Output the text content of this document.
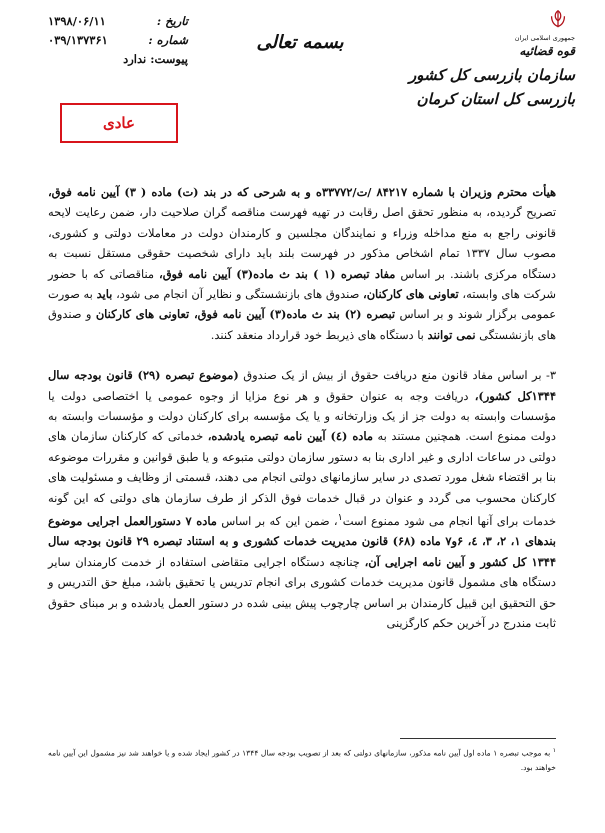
تاریخ :
۱۳۹۸/۰۶/۱۱
شماره :
۰۳۹/۱۳۷۳۶۱
پیوست: ندارد
عادی
بسمه تعالی	جمهوری اسلامی ایران
قوه قضائیه
سازمان بازرسی کل کشور
بازرسی کل استان کرمان

هیأت محترم وزیران با شماره ۸۴۲۱۷ /ت/۳۳۷۷۲ه و به شرحی که در بند (ت) ماده ( ۳) آیین نامه فوق، تصریح گردیده، به منظور تحقق اصل رقابت در تهیه فهرست مناقصه گران صلاحیت دار، ضمن رعایت لایحه قانونی راجع به منع مداخله وزراء و نمایندگان مجلسین و کارمندان دولت در معاملات دولتی و کشوری، مصوب سال ۱۳۳۷ تمام اشخاص مذکور در فهرست بلند باید دارای شخصیت حقوقی مستقل نسبت به دستگاه مرکزی باشند. بر اساس مفاد تبصره (۱ ) بند ث ماده(۳) آیین نامه فوق، مناقصاتی که با حضور شرکت های وابسته، تعاونی های کارکنان، صندوق های بازنشستگی و نظایر آن انجام می شود، باید به صورت عمومی برگزار شوند و بر اساس تبصره (۲) بند ث ماده(۳) آیین نامه فوق، تعاونی های کارکنان و صندوق های بازنشستگی نمی توانند با دستگاه های ذیربط خود قرارداد منعقد کنند.

۳- بر اساس مفاد قانون منع دریافت حقوق از بیش از یک صندوق (موضوع تبصره (۲۹) قانون بودجه سال ۱۳۴۴کل کشور)، دریافت وجه به عنوان حقوق و هر نوع مزایا از وجوه عمومی یا اختصاصی دولت یا مؤسسات وابسته به دولت جز از یک وزارتخانه و یا یک مؤسسه برای کارکنان دولت و مؤسسات وابسته به دولت ممنوع است. همچنین مستند به ماده (٤) آیین نامه تبصره یادشده، خدماتی که کارکنان سازمان های دولتی در ساعات اداری و غیر اداری بنا به دستور سازمان دولتی متبوعه و یا طبق قوانین و مقررات موضوعه بنا بر اقتضاء شغل مورد تصدی در سایر سازمانهای دولتی انجام می دهند، قسمتی از وظایف و مسئولیت های کارکنان محسوب می گردد و عنوان در قبال خدمات فوق الذکر از طرف سازمان های دولتی که این گونه خدمات برای آنها انجام می شود ممنوع است$^۱$، ضمن این که بر اساس ماده ۷ دستورالعمل اجرایی موضوع بندهای ۱، ۲، ۳، ٤، ۶و۷ ماده (۶۸) قانون مدیریت خدمات کشوری و به استناد تبصره ۲۹ قانون بودجه سال ۱۳۴۴ کل کشور و آیین نامه اجرایی آن، چنانچه دستگاه اجرایی متقاضی استفاده از خدمت کارمندان سایر دستگاه های مشمول قانون مدیریت خدمات کشوری برای انجام تدریس یا تحقیق باشد، مبلغ حق التدریس و حق التحقیق این قبیل کارمندان بر اساس چارچوب پیش بینی شده در دستور العمل یادشده و بر مبنای حقوق ثابت مندرج در آخرین حکم کارگزینی

$^۱$ به موجب تبصره ۱ ماده اول آیین نامه مذکور، سازمانهای دولتی که بعد از تصویب بودجه سال ۱۳۴۴ در کشور ایجاد شده و یا خواهند شد نیز مشمول این آیین نامه خواهند بود.
